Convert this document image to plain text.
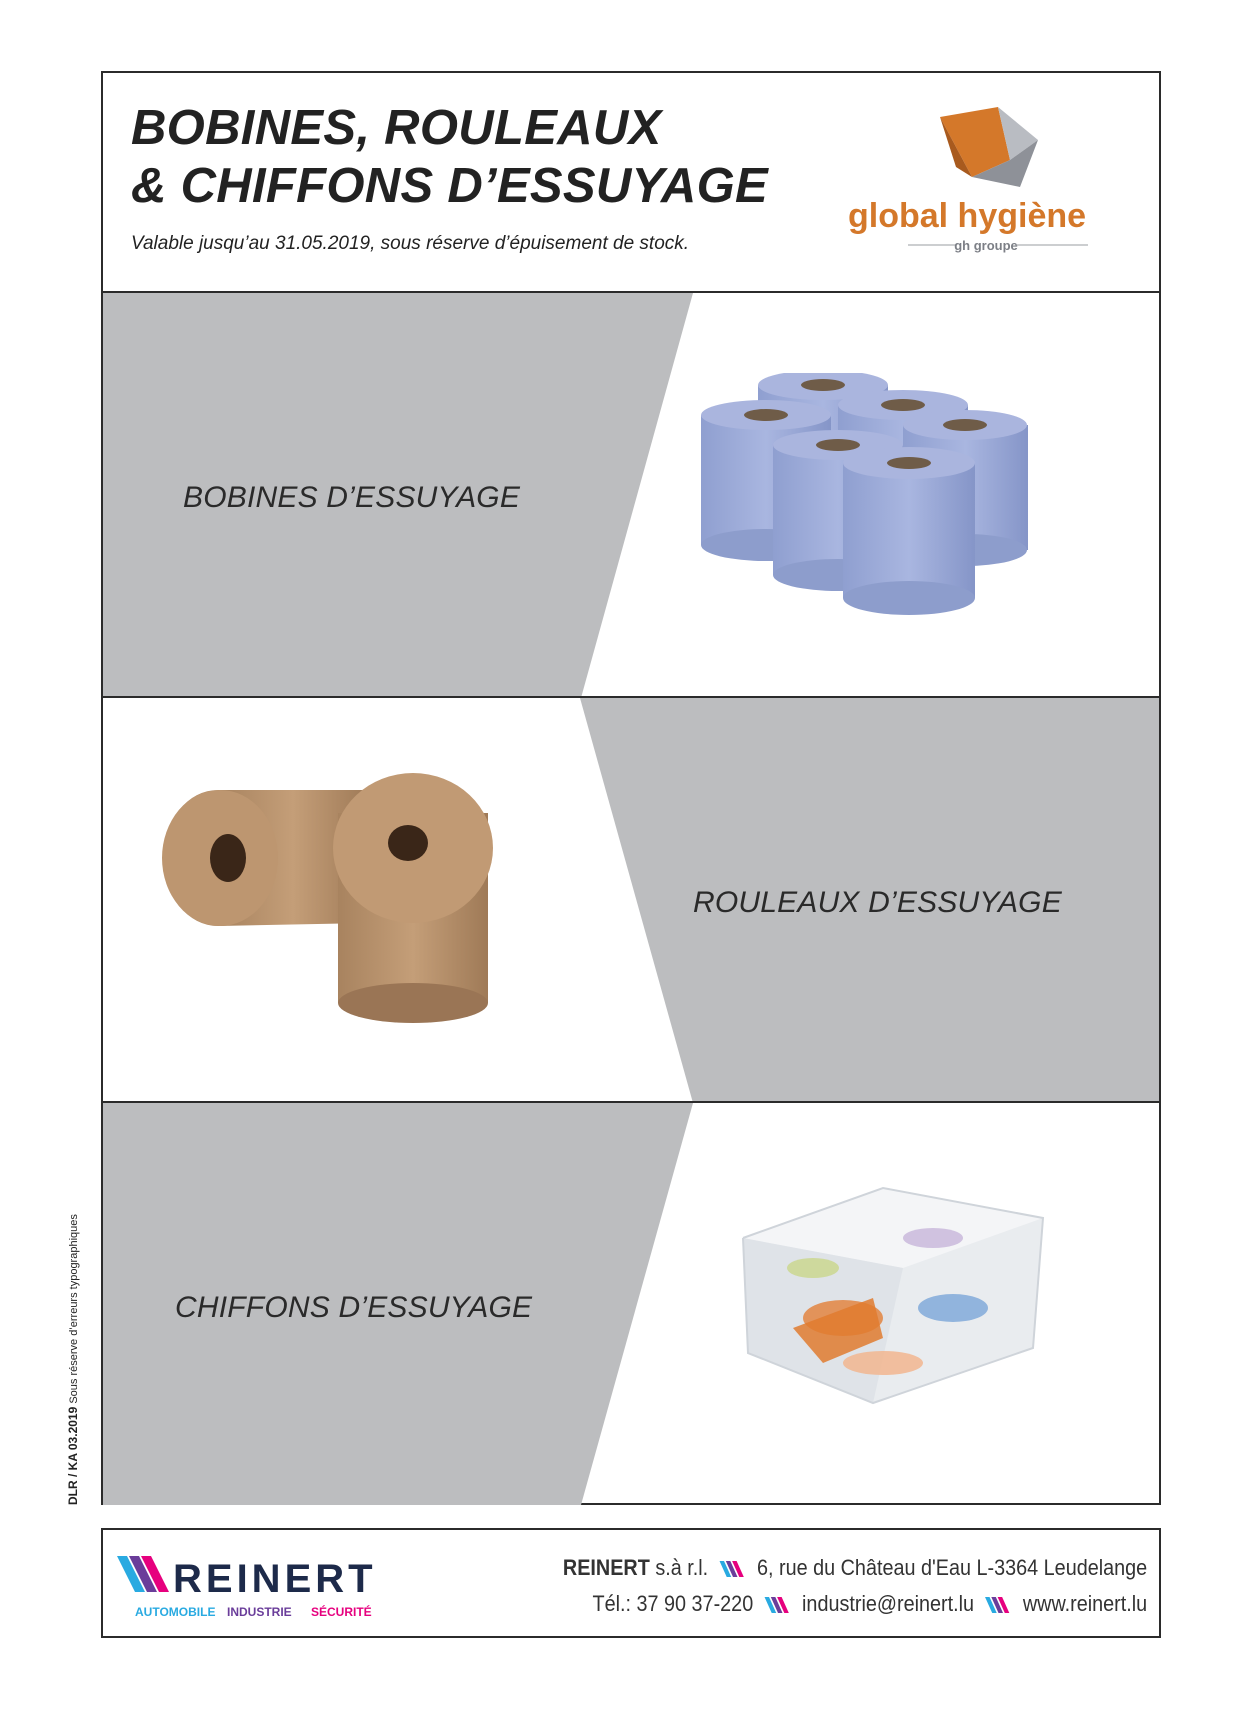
BOBINES, ROULEAUX
& CHIFFONS D’ESSUYAGE
Valable jusqu’au 31.05.2019, sous réserve d’épuisement de stock.
global hygiène
gh groupe
BOBINES D’ESSUYAGE
ROULEAUX D’ESSUYAGE
CHIFFONS D’ESSUYAGE
DLR / KA 03.2019 Sous réserve d’erreurs typographiques
REINERT
AUTOMOBILE INDUSTRIE SÉCURITÉ
REINERT s.à r.l. 6, rue du Château d'Eau L-3364 Leudelange
Tél.: 37 90 37-220 industrie@reinert.lu www.reinert.lu
